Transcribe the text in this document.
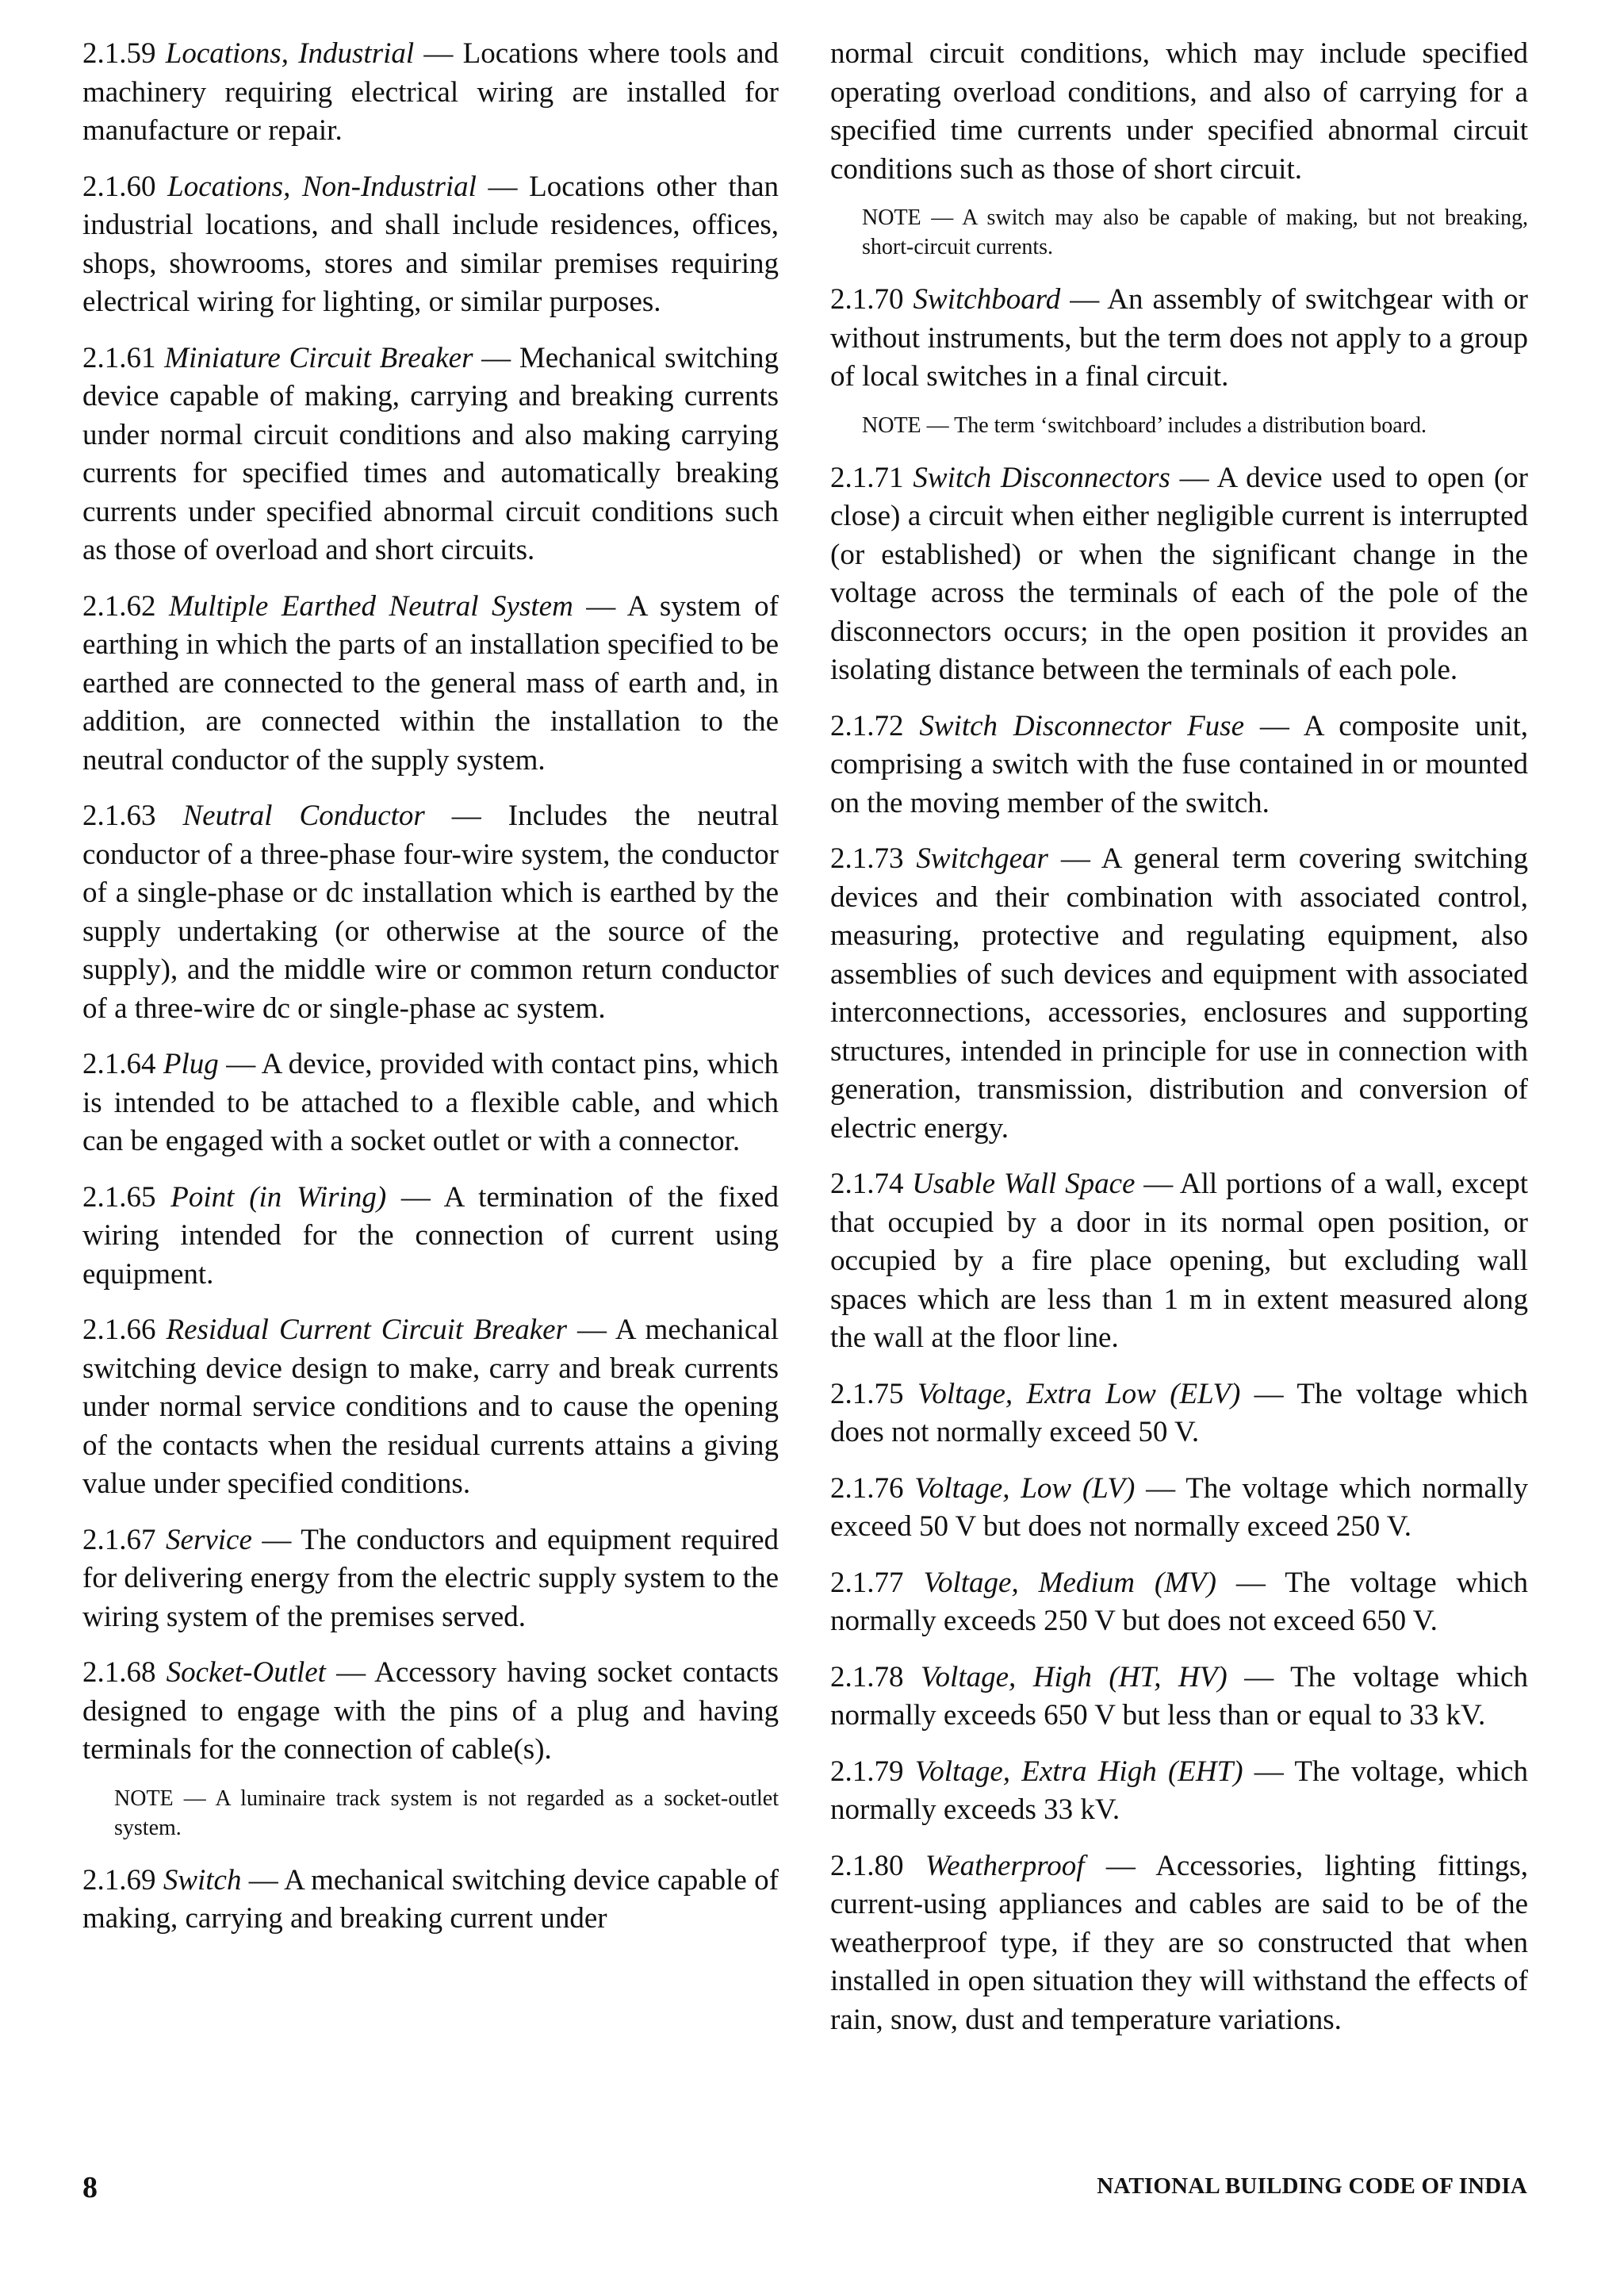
2.1.59 Locations, Industrial — Locations where tools and machinery requiring electrical wiring are installed for manufacture or repair.

2.1.60 Locations, Non-Industrial — Locations other than industrial locations, and shall include residences, offices, shops, showrooms, stores and similar premises requiring electrical wiring for lighting, or similar purposes.

2.1.61 Miniature Circuit Breaker — Mechanical switching device capable of making, carrying and breaking currents under normal circuit conditions and also making carrying currents for specified times and automatically breaking currents under specified abnormal circuit conditions such as those of overload and short circuits.

2.1.62 Multiple Earthed Neutral System — A system of earthing in which the parts of an installation specified to be earthed are connected to the general mass of earth and, in addition, are connected within the installation to the neutral conductor of the supply system.

2.1.63 Neutral Conductor — Includes the neutral conductor of a three-phase four-wire system, the conductor of a single-phase or dc installation which is earthed by the supply undertaking (or otherwise at the source of the supply), and the middle wire or common return conductor of a three-wire dc or single-phase ac system.

2.1.64 Plug — A device, provided with contact pins, which is intended to be attached to a flexible cable, and which can be engaged with a socket outlet or with a connector.

2.1.65 Point (in Wiring) — A termination of the fixed wiring intended for the connection of current using equipment.

2.1.66 Residual Current Circuit Breaker — A mechanical switching device design to make, carry and break currents under normal service conditions and to cause the opening of the contacts when the residual currents attains a giving value under specified conditions.

2.1.67 Service — The conductors and equipment required for delivering energy from the electric supply system to the wiring system of the premises served.

2.1.68 Socket-Outlet — Accessory having socket contacts designed to engage with the pins of a plug and having terminals for the connection of cable(s).

NOTE — A luminaire track system is not regarded as a socket-outlet system.

2.1.69 Switch — A mechanical switching device capable of making, carrying and breaking current under

normal circuit conditions, which may include specified operating overload conditions, and also of carrying for a specified time currents under specified abnormal circuit conditions such as those of short circuit.

NOTE — A switch may also be capable of making, but not breaking, short-circuit currents.

2.1.70 Switchboard — An assembly of switchgear with or without instruments, but the term does not apply to a group of local switches in a final circuit.

NOTE — The term ‘switchboard’ includes a distribution board.

2.1.71 Switch Disconnectors — A device used to open (or close) a circuit when either negligible current is interrupted (or established) or when the significant change in the voltage across the terminals of each of the pole of the disconnectors occurs; in the open position it provides an isolating distance between the terminals of each pole.

2.1.72 Switch Disconnector Fuse — A composite unit, comprising a switch with the fuse contained in or mounted on the moving member of the switch.

2.1.73 Switchgear — A general term covering switching devices and their combination with associated control, measuring, protective and regulating equipment, also assemblies of such devices and equipment with associated interconnections, accessories, enclosures and supporting structures, intended in principle for use in connection with generation, transmission, distribution and conversion of electric energy.

2.1.74 Usable Wall Space — All portions of a wall, except that occupied by a door in its normal open position, or occupied by a fire place opening, but excluding wall spaces which are less than 1 m in extent measured along the wall at the floor line.

2.1.75 Voltage, Extra Low (ELV) — The voltage which does not normally exceed 50 V.

2.1.76 Voltage, Low (LV) — The voltage which normally exceed 50 V but does not normally exceed 250 V.

2.1.77 Voltage, Medium (MV) — The voltage which normally exceeds 250 V but does not exceed 650 V.

2.1.78 Voltage, High (HT, HV) — The voltage which normally exceeds 650 V but less than or equal to 33 kV.

2.1.79 Voltage, Extra High (EHT) — The voltage, which normally exceeds 33 kV.

2.1.80 Weatherproof — Accessories, lighting fittings, current-using appliances and cables are said to be of the weatherproof type, if they are so constructed that when installed in open situation they will withstand the effects of rain, snow, dust and temperature variations.

8	NATIONAL BUILDING CODE OF INDIA
